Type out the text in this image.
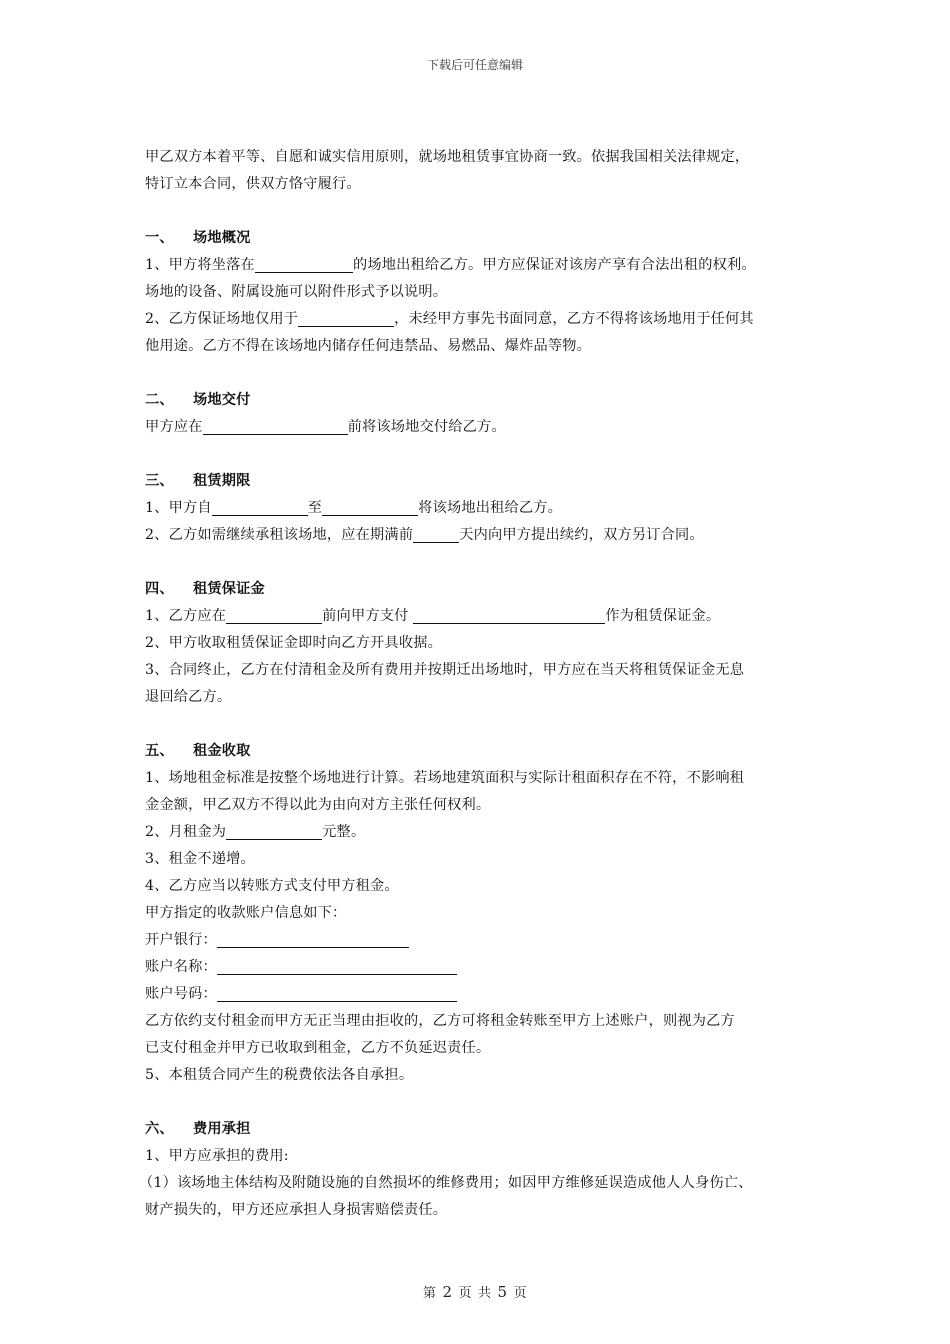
下载后可任意编辑

甲乙双方本着平等、自愿和诚实信用原则，就场地租赁事宜协商一致。依据我国相关法律规定，

特订立本合同，供双方恪守履行。

一、 场地概况

1、甲方将坐落在	的场地出租给乙方。甲方应保证对该房产享有合法出租的权利。

场地的设备、附属设施可以附件形式予以说明。

2、乙方保证场地仅用于	，未经甲方事先书面同意，乙方不得将该场地用于任何其

他用途。乙方不得在该场地内储存任何违禁品、易燃品、爆炸品等物。

二、 场地交付

甲方应在	前将该场地交付给乙方。

三、 租赁期限

1、甲方自	至	将该场地出租给乙方。

2、乙方如需继续承租该场地，应在期满前	天内向甲方提出续约，双方另订合同。

四、 租赁保证金

1、乙方应在	前向甲方支付	作为租赁保证金。

2、甲方收取租赁保证金即时向乙方开具收据。

3、合同终止，乙方在付清租金及所有费用并按期迁出场地时，甲方应在当天将租赁保证金无息

退回给乙方。

五、 租金收取

1、场地租金标准是按整个场地进行计算。若场地建筑面积与实际计租面积存在不符，不影响租

金金额，甲乙双方不得以此为由向对方主张任何权利。

2、月租金为	元整。

3、租金不递增。

4、乙方应当以转账方式支付甲方租金。

甲方指定的收款账户信息如下：

开户银行：

账户名称：

账户号码：

乙方依约支付租金而甲方无正当理由拒收的，乙方可将租金转账至甲方上述账户，则视为乙方

已支付租金并甲方已收取到租金，乙方不负延迟责任。

5、本租赁合同产生的税费依法各自承担。

六、 费用承担

1、甲方应承担的费用:

（1）该场地主体结构及附随设施的自然损坏的维修费用；如因甲方维修延误造成他人人身伤亡、

财产损失的，甲方还应承担人身损害赔偿责任。

第 2 页 共 5 页
